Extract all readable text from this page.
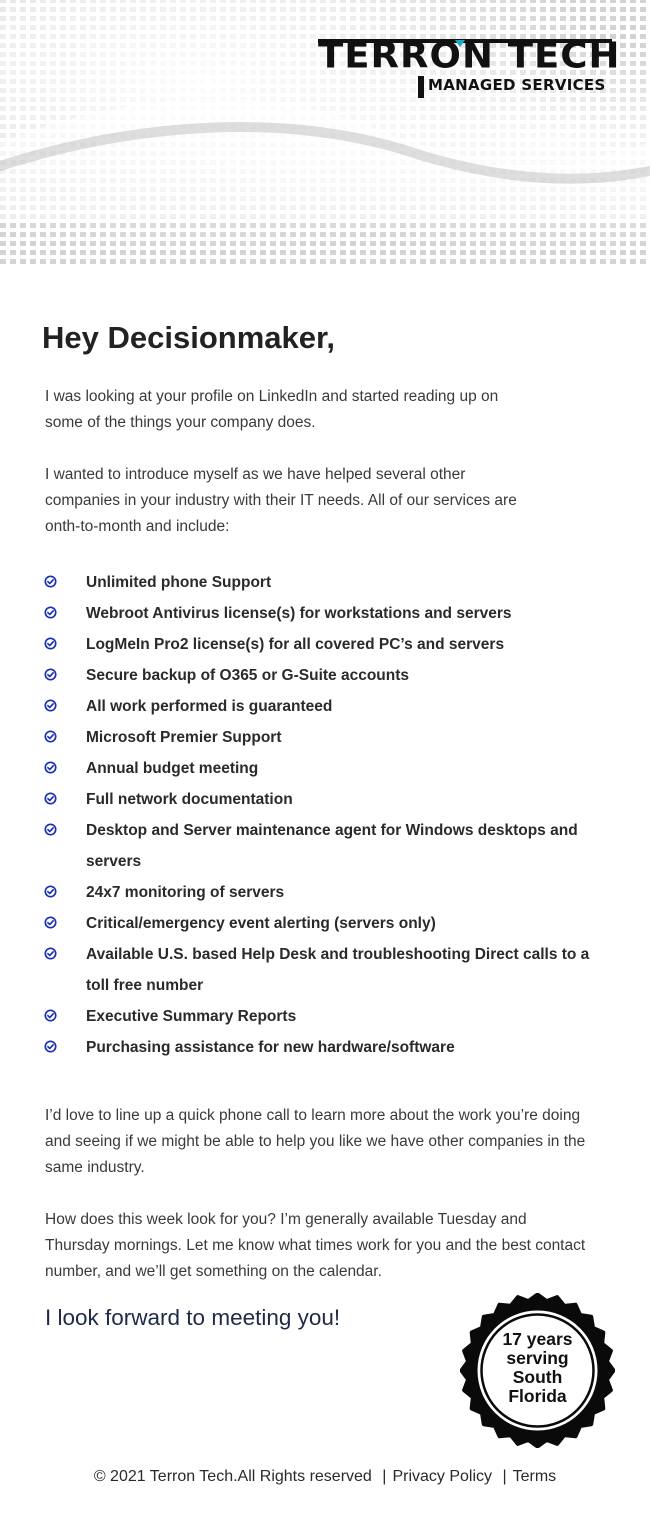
TERRON TECH
MANAGED SERVICES
Hey Decisionmaker,

I was looking at your profile on LinkedIn and started reading up on some of the things your company does.

I wanted to introduce myself as we have helped several other companies in your industry with their IT needs. All of our services are onth-to-month and include:

Unlimited phone Support
Webroot Antivirus license(s) for workstations and servers
LogMeIn Pro2 license(s) for all covered PC’s and servers
Secure backup of O365 or G-Suite accounts
All work performed is guaranteed
Microsoft Premier Support
Annual budget meeting
Full network documentation
Desktop and Server maintenance agent for Windows desktops and servers
24x7 monitoring of servers
Critical/emergency event alerting (servers only)
Available U.S. based Help Desk and troubleshooting Direct calls to a toll free number
Executive Summary Reports
Purchasing assistance for new hardware/software

I’d love to line up a quick phone call to learn more about the work you’re doing and seeing if we might be able to help you like we have other companies in the same industry.

How does this week look for you? I’m generally available Tuesday and Thursday mornings. Let me know what times work for you and the best contact number, and we’ll get something on the calendar.

I look forward to meeting you!

17 years
serving
South
Florida
© 2021 Terron Tech.All Rights reserved | Privacy Policy | Terms
